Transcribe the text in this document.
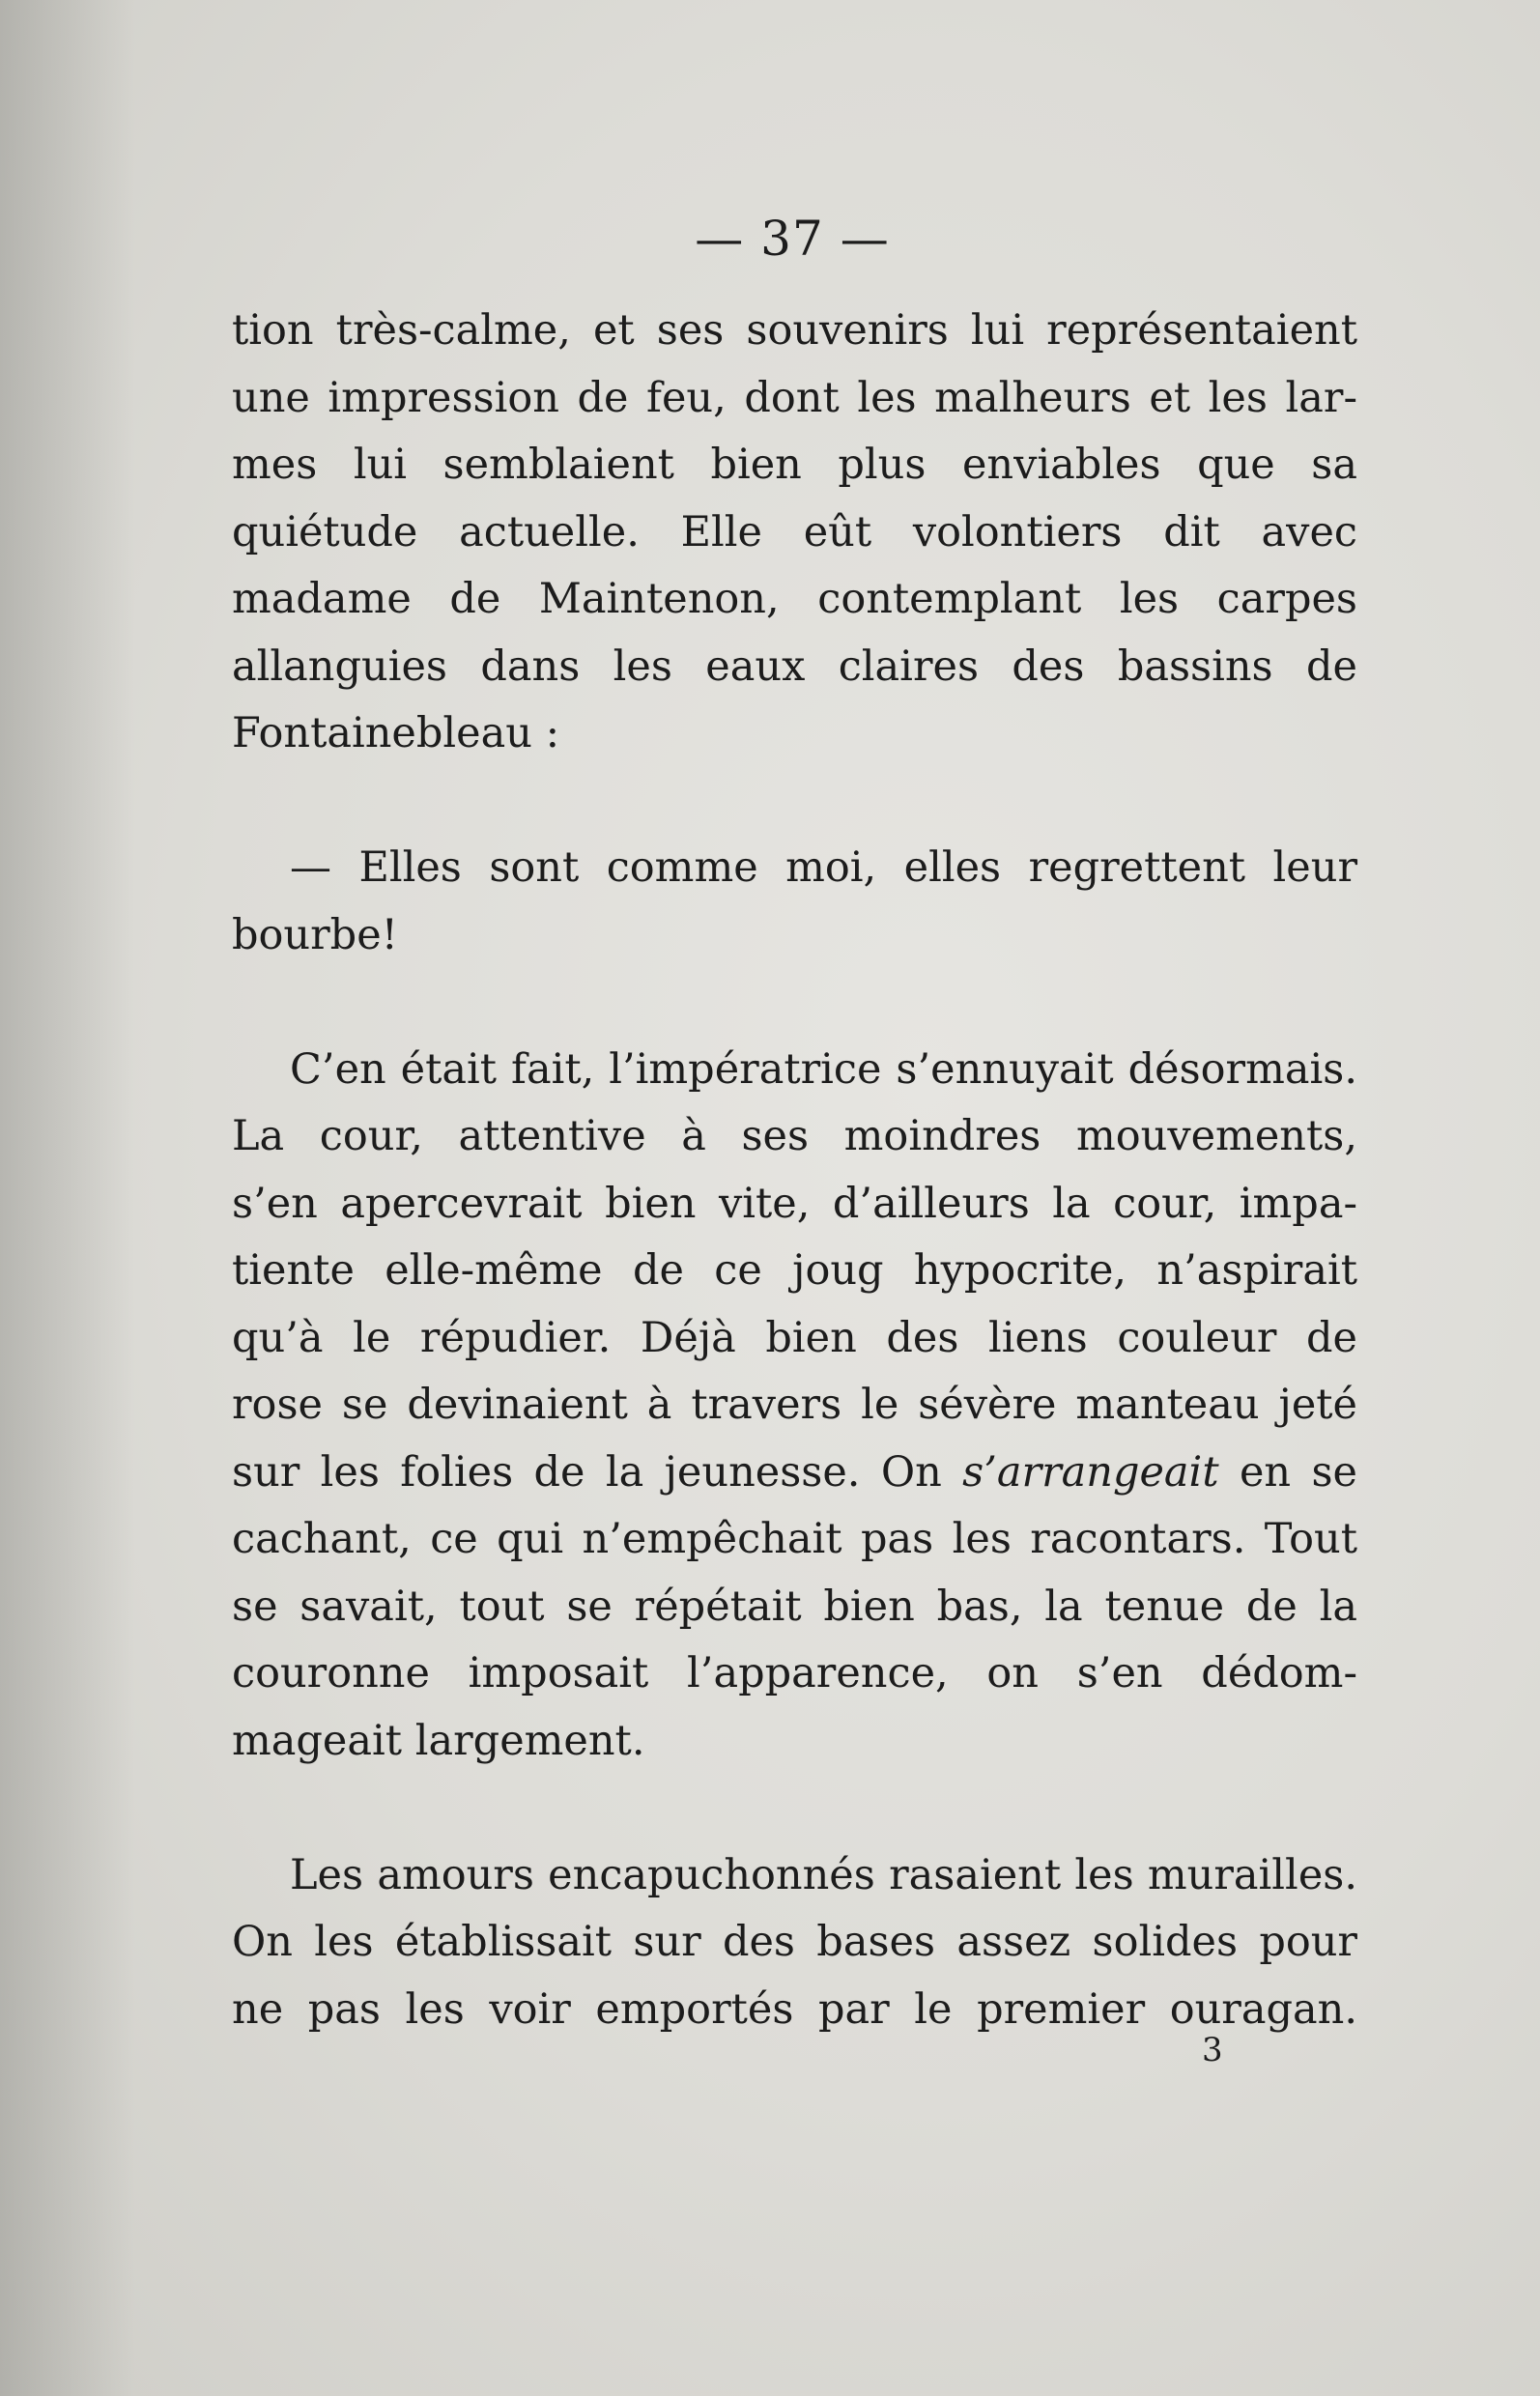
— 37 —
tion très-calme, et ses souvenirs lui représentaient
une impression de feu, dont les malheurs et les lar-
mes lui semblaient bien plus enviables que sa
quiétude actuelle. Elle eût volontiers dit avec
madame de Maintenon, contemplant les carpes
allanguies dans les eaux claires des bassins de
Fontainebleau :
— Elles sont comme moi, elles regrettent leur
bourbe!
C’en était fait, l’impératrice s’ennuyait désormais.
La cour, attentive à ses moindres mouvements,
s’en apercevrait bien vite, d’ailleurs la cour, impa-
tiente elle-même de ce joug hypocrite, n’aspirait
qu’à le répudier. Déjà bien des liens couleur de
rose se devinaient à travers le sévère manteau jeté
sur les folies de la jeunesse. On s’arrangeait en se
cachant, ce qui n’empêchait pas les racontars. Tout
se savait, tout se répétait bien bas, la tenue de la
couronne imposait l’apparence, on s’en dédom-
mageait largement.
Les amours encapuchonnés rasaient les murailles.
On les établissait sur des bases assez solides pour
ne pas les voir emportés par le premier ouragan.
3
